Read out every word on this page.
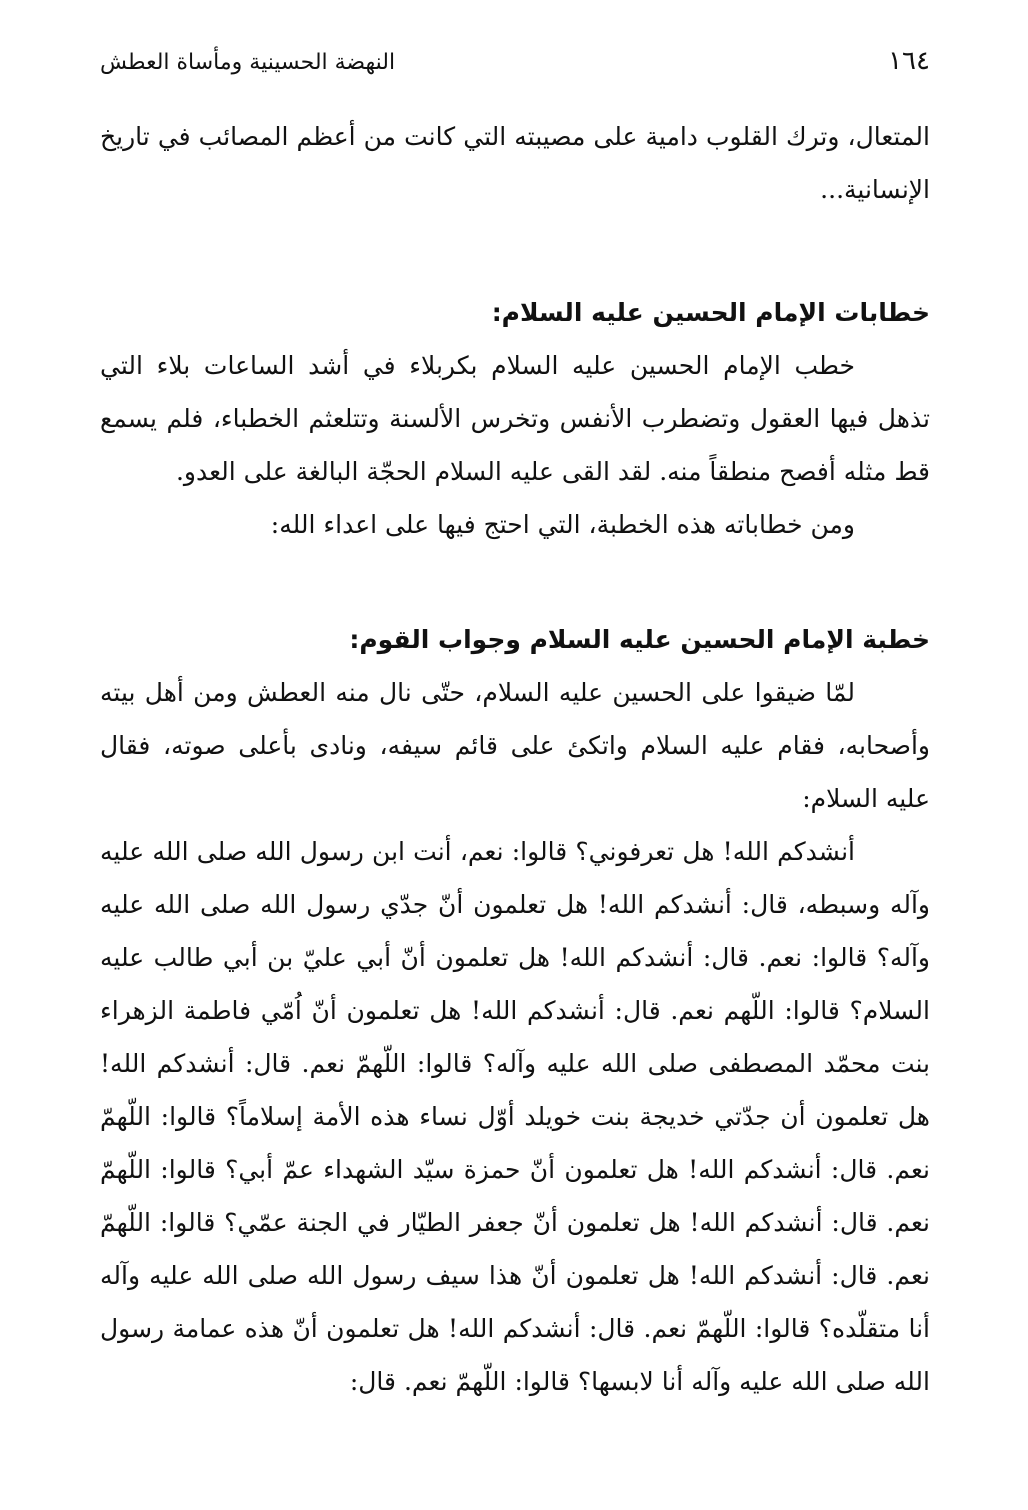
١٦٤
النهضة الحسينية ومأساة العطش

المتعال، وترك القلوب دامية على مصيبته التي كانت من أعظم المصائب في تاريخ الإنسانية...

خطابات الإمام الحسين عليه السلام:

خطب الإمام الحسين عليه السلام بكربلاء في أشد الساعات بلاء التي تذهل فيها العقول وتضطرب الأنفس وتخرس الألسنة وتتلعثم الخطباء، فلم يسمع قط مثله أفصح منطقاً منه. لقد القى عليه السلام الحجّة البالغة على العدو.

ومن خطاباته هذه الخطبة، التي احتج فيها على اعداء الله:

خطبة الإمام الحسين عليه السلام وجواب القوم:

لمّا ضيقوا على الحسين عليه السلام، حتّى نال منه العطش ومن أهل بيته وأصحابه، فقام عليه السلام واتكئ على قائم سيفه، ونادى بأعلى صوته، فقال عليه السلام:

أنشدكم الله! هل تعرفوني؟ قالوا: نعم، أنت ابن رسول الله صلى الله عليه وآله وسبطه، قال: أنشدكم الله! هل تعلمون أنّ جدّي رسول الله صلى الله عليه وآله؟ قالوا: نعم. قال: أنشدكم الله! هل تعلمون أنّ أبي عليّ بن أبي طالب عليه السلام؟ قالوا: اللّهم نعم. قال: أنشدكم الله! هل تعلمون أنّ اُمّي فاطمة الزهراء بنت محمّد المصطفى صلى الله عليه وآله؟ قالوا: اللّهمّ نعم. قال: أنشدكم الله! هل تعلمون أن جدّتي خديجة بنت خويلد أوّل نساء هذه الأمة إسلاماً؟ قالوا: اللّهمّ نعم. قال: أنشدكم الله! هل تعلمون أنّ حمزة سيّد الشهداء عمّ أبي؟ قالوا: اللّهمّ نعم. قال: أنشدكم الله! هل تعلمون أنّ جعفر الطيّار في الجنة عمّي؟ قالوا: اللّهمّ نعم. قال: أنشدكم الله! هل تعلمون أنّ هذا سيف رسول الله صلى الله عليه وآله أنا متقلّده؟ قالوا: اللّهمّ نعم. قال: أنشدكم الله! هل تعلمون أنّ هذه عمامة رسول الله صلى الله عليه وآله أنا لابسها؟ قالوا: اللّهمّ نعم. قال:
